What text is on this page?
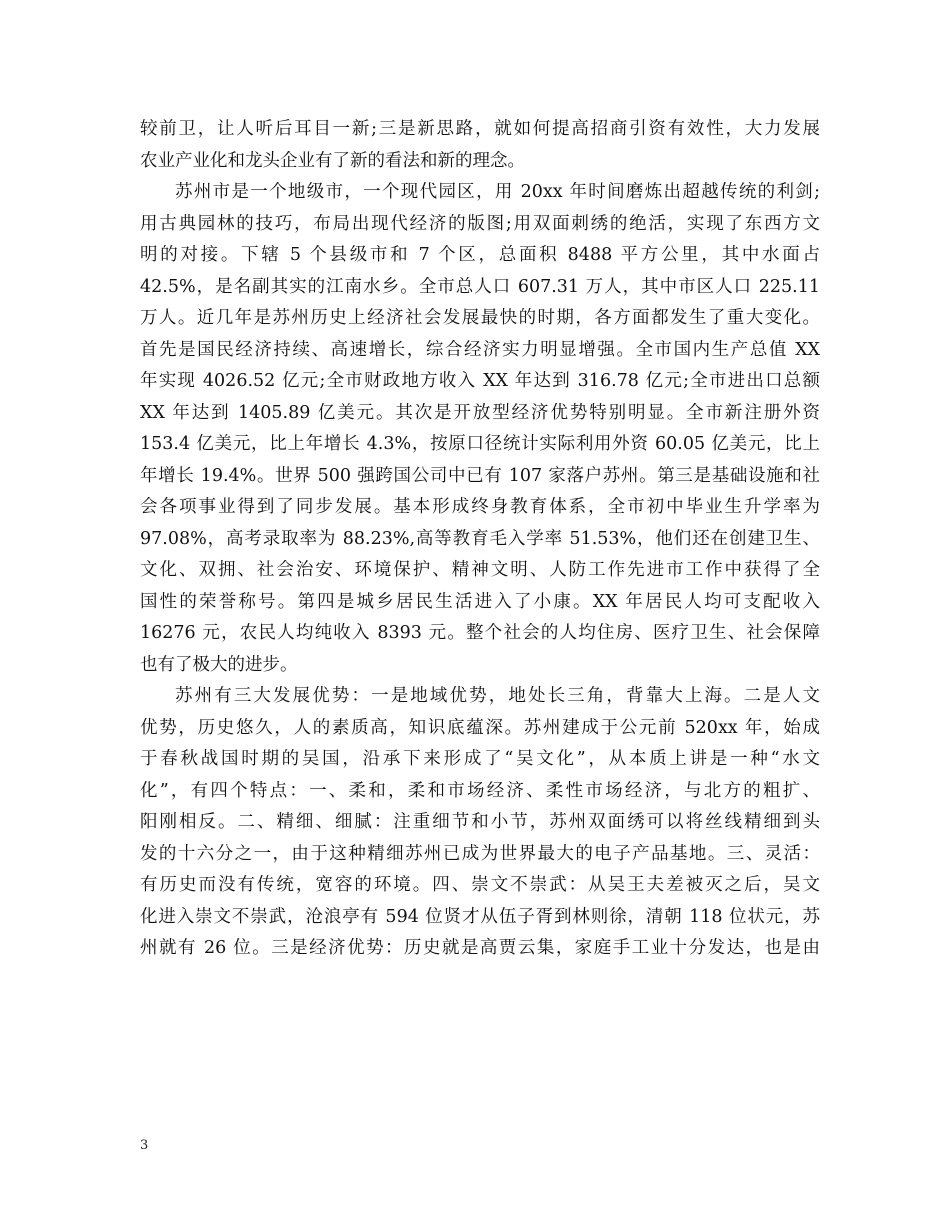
较前卫，让人听后耳目一新;三是新思路，就如何提高招商引资有效性，大力发展
农业产业化和龙头企业有了新的看法和新的理念。
苏州市是一个地级市，一个现代园区，用 20xx 年时间磨炼出超越传统的利剑;
用古典园林的技巧，布局出现代经济的版图;用双面刺绣的绝活，实现了东西方文
明的对接。下辖 5 个县级市和 7 个区，总面积 8488 平方公里，其中水面占
42.5%，是名副其实的江南水乡。全市总人口 607.31 万人，其中市区人口 225.11
万人。近几年是苏州历史上经济社会发展最快的时期，各方面都发生了重大变化。
首先是国民经济持续、高速增长，综合经济实力明显增强。全市国内生产总值 XX
年实现 4026.52 亿元;全市财政地方收入 XX 年达到 316.78 亿元;全市进出口总额
XX 年达到 1405.89 亿美元。其次是开放型经济优势特别明显。全市新注册外资
153.4 亿美元，比上年增长 4.3%，按原口径统计实际利用外资 60.05 亿美元，比上
年增长 19.4%。世界 500 强跨国公司中已有 107 家落户苏州。第三是基础设施和社
会各项事业得到了同步发展。基本形成终身教育体系，全市初中毕业生升学率为
97.08%，高考录取率为 88.23%,高等教育毛入学率 51.53%，他们还在创建卫生、
文化、双拥、社会治安、环境保护、精神文明、人防工作先进市工作中获得了全
国性的荣誉称号。第四是城乡居民生活进入了小康。XX 年居民人均可支配收入
16276 元，农民人均纯收入 8393 元。整个社会的人均住房、医疗卫生、社会保障
也有了极大的进步。
苏州有三大发展优势：一是地域优势，地处长三角，背靠大上海。二是人文
优势，历史悠久，人的素质高，知识底蕴深。苏州建成于公元前 520xx 年，始成
于春秋战国时期的吴国，沿承下来形成了“吴文化”，从本质上讲是一种“水文
化”，有四个特点：一、柔和，柔和市场经济、柔性市场经济，与北方的粗扩、
阳刚相反。二、精细、细腻：注重细节和小节，苏州双面绣可以将丝线精细到头
发的十六分之一，由于这种精细苏州已成为世界最大的电子产品基地。三、灵活：
有历史而没有传统，宽容的环境。四、崇文不崇武：从吴王夫差被灭之后，吴文
化进入崇文不崇武，沧浪亭有 594 位贤才从伍子胥到林则徐，清朝 118 位状元，苏
州就有 26 位。三是经济优势：历史就是高贾云集，家庭手工业十分发达，也是由
3
